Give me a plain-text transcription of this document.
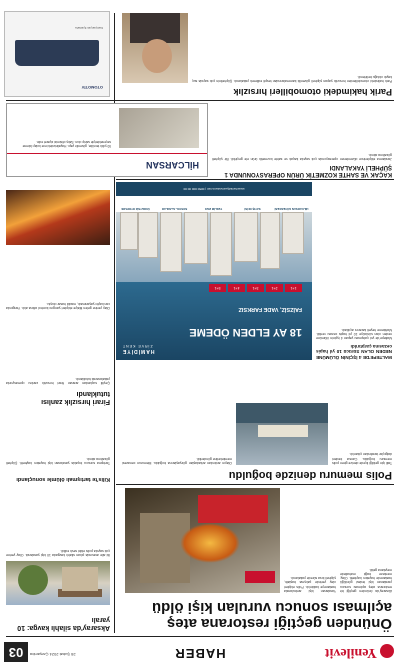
Yenilevit
HABER
28 Şubat 2024 Çarşamba
03
Önünden geçtiği restorana ateş açılması sonucu vurulan kişi öldü
Aksaray'da önünden geçtiği bir restorana ateş açılması sonucu yaralanan kişi tedavi gördüğü hastanede hayatını kaybetti. Olay, merkeze bağlı mahallede meydana geldi.
Yaralanan kişi ambulansla hastaneye kaldırıldı. Polis ekipleri olay yerinde çalışma başlattı, şüpheli kısa sürede yakalandı.
Aksaray'da silahlı kavga: 10 yaralı
İki aile arasında çıkan silahlı kavgada 10 kişi yaralandı. Olay yerine çok sayıda polis ekibi sevk edildi.
Kilis'te tartışmalı ölümle sonuçlandı
Tartışma sonucu bıçakla yaralanan kişi hayatını kaybetti. Şüpheli gözaltına alındı.
Polis memuru denizde boğuldu
Tatil için geldiği ilçede denize giren polis memuru boğuldu. Cansız bedeni dalgıçlar tarafından çıkarıldı.
Olayın ardından arkadaşları gözyaşlarına boğuldu. Memurun cenazesi memleketine gönderildi.
Firari hırsızlık zanlısı tutuklandı
Çeşitli suçlardan aranan firari hırsızlık zanlısı operasyonla yakalanarak tutuklandı.
MALTEPE'DE 4 İŞÇİNİN ÖLÜMÜNE NEDEN OLAN Sürücü 10 yıl hapis cezasına çarptırıldı
Maltepe'de yol çalışması yapan 4 işçinin ölümüne neden olan sürücüye 10 yıl hapis cezası verildi. Mahkeme heyeti kararını açıkladı.
HAMİDİYE
ZİRVE KENT
18 AY ELDEN ÖDEME
FAİZSİZ, VADE FARKSIZ
1+12+13+14+15+1
HİLCARSAN GÜVENCESİ
SATIŞ OFİSİ
TESLİM 2024
SOSYAL ALANLAR
ÜCRETSİZ OTOPARK
www.hamidiyezirvekent.com | 0850 000 00 00
Olay yerine gelen itfaiye ekipleri yangını kontrol altına aldı. Yangında can kaybı yaşanmadı, maddi hasar oluştu.
KAÇAK VE SAHTE KOZMETİK ÜRÜN OPERASYONUNDA 1 ŞÜPHELİ YAKALANDI
Jandarma ekiplerince düzenlenen operasyonda çok sayıda kaçak ve sahte kozmetik ürün ele geçirildi. Bir şüpheli gözaltına alındı.
HİLCARSAN
50 yıllık tecrübe, güvenilir yapı. Hayalinizdeki eve kolay ödeme seçenekleriyle sahip olun. Satış ofisimizi ziyaret edin.
Parik hakimdeki otomobilleri hırsızlık
Park halindeki otomobillerden hırsızlık yapan şüpheli güvenlik kameralarından tespit edilerek yakalandı. Şüphelinin çok sayıda suç kaydı olduğu belirlendi.
OTOMOTİV
Kampanyalı fiyatlarla
